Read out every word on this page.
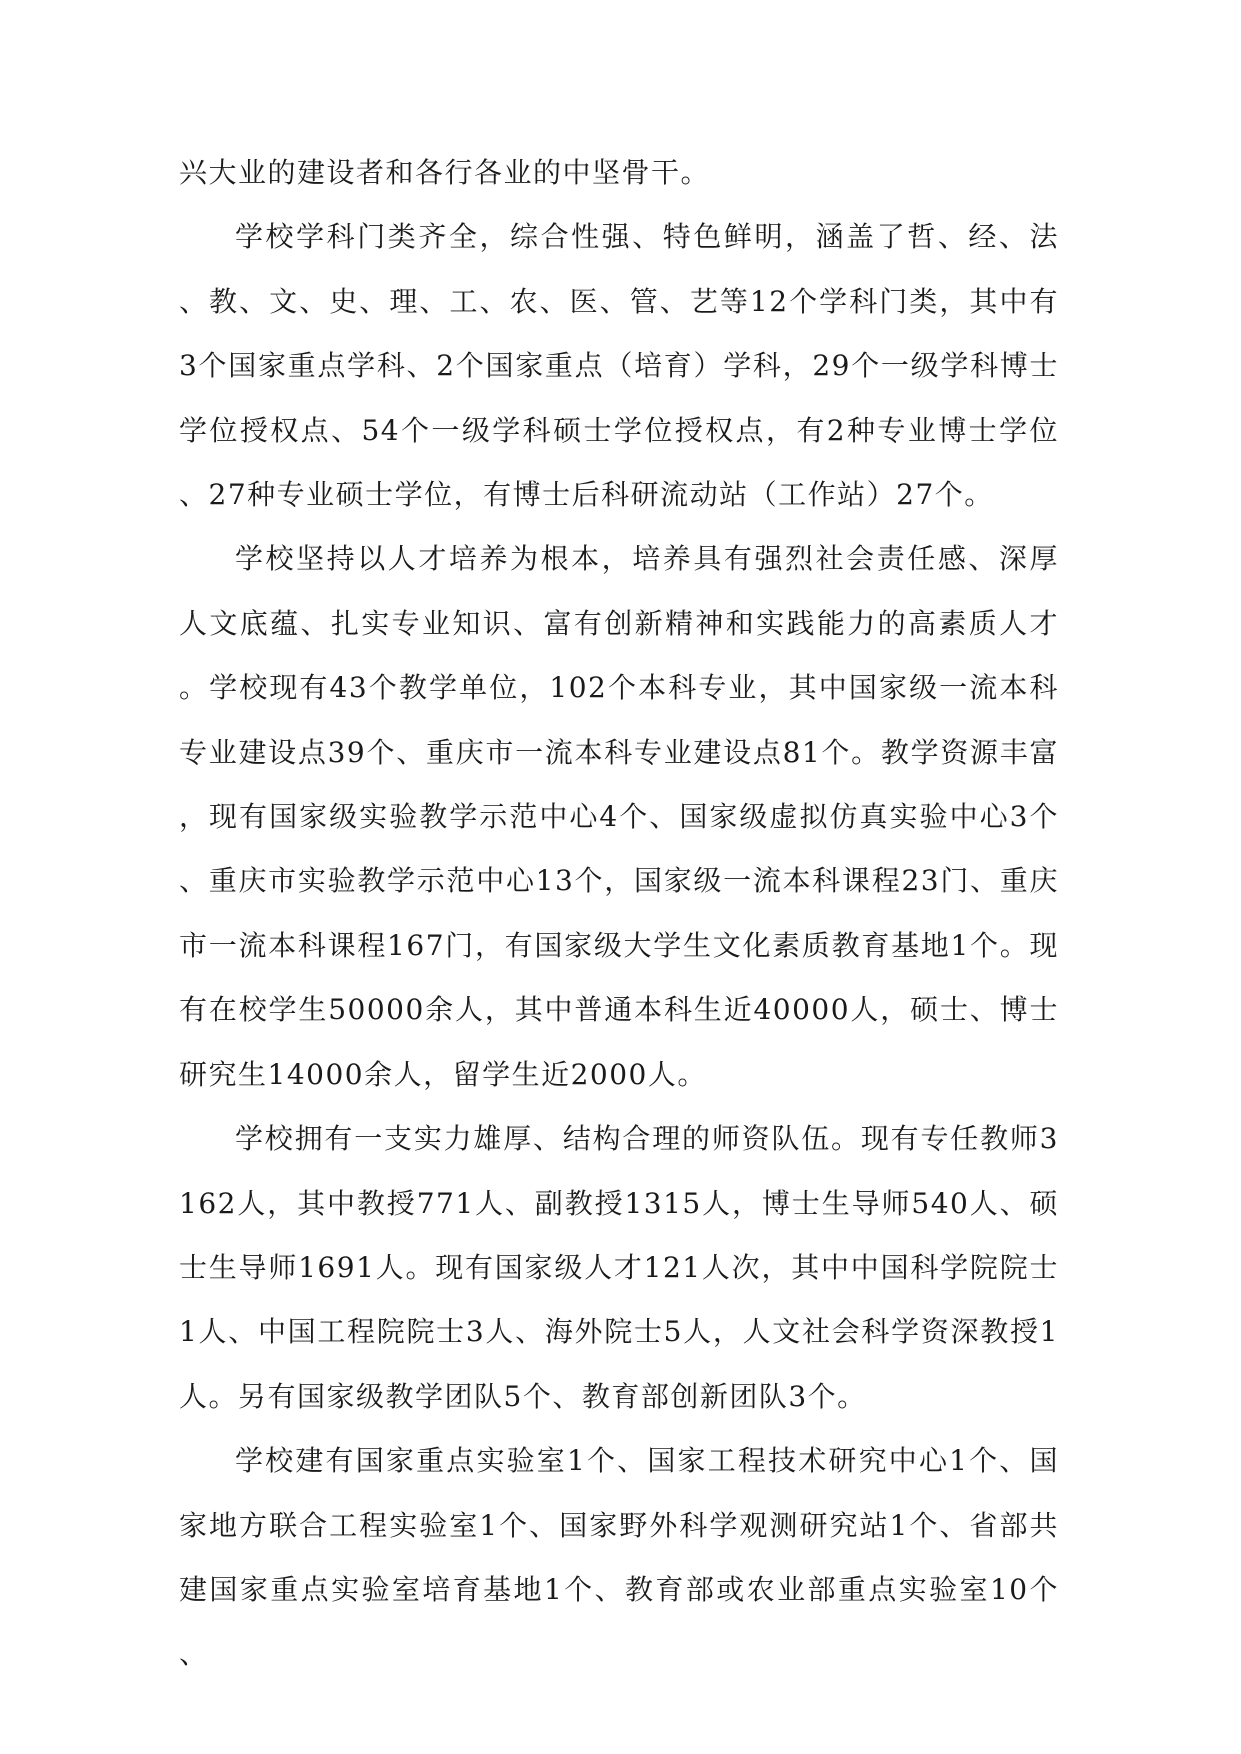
兴大业的建设者和各行各业的中坚骨干。

学校学科门类齐全，综合性强、特色鲜明，涵盖了哲、经、法、教、文、史、理、工、农、医、管、艺等12个学科门类，其中有3个国家重点学科、2个国家重点（培育）学科，29个一级学科博士学位授权点、54个一级学科硕士学位授权点，有2种专业博士学位、27种专业硕士学位，有博士后科研流动站（工作站）27个。

学校坚持以人才培养为根本，培养具有强烈社会责任感、深厚人文底蕴、扎实专业知识、富有创新精神和实践能力的高素质人才。学校现有43个教学单位，102个本科专业，其中国家级一流本科专业建设点39个、重庆市一流本科专业建设点81个。教学资源丰富，现有国家级实验教学示范中心4个、国家级虚拟仿真实验中心3个、重庆市实验教学示范中心13个，国家级一流本科课程23门、重庆市一流本科课程167门，有国家级大学生文化素质教育基地1个。现有在校学生50000余人，其中普通本科生近40000人，硕士、博士研究生14000余人，留学生近2000人。

学校拥有一支实力雄厚、结构合理的师资队伍。现有专任教师3162人，其中教授771人、副教授1315人，博士生导师540人、硕士生导师1691人。现有国家级人才121人次，其中中国科学院院士1人、中国工程院院士3人、海外院士5人，人文社会科学资深教授1人。另有国家级教学团队5个、教育部创新团队3个。

学校建有国家重点实验室1个、国家工程技术研究中心1个、国家地方联合工程实验室1个、国家野外科学观测研究站1个、省部共建国家重点实验室培育基地1个、教育部或农业部重点实验室10个、
